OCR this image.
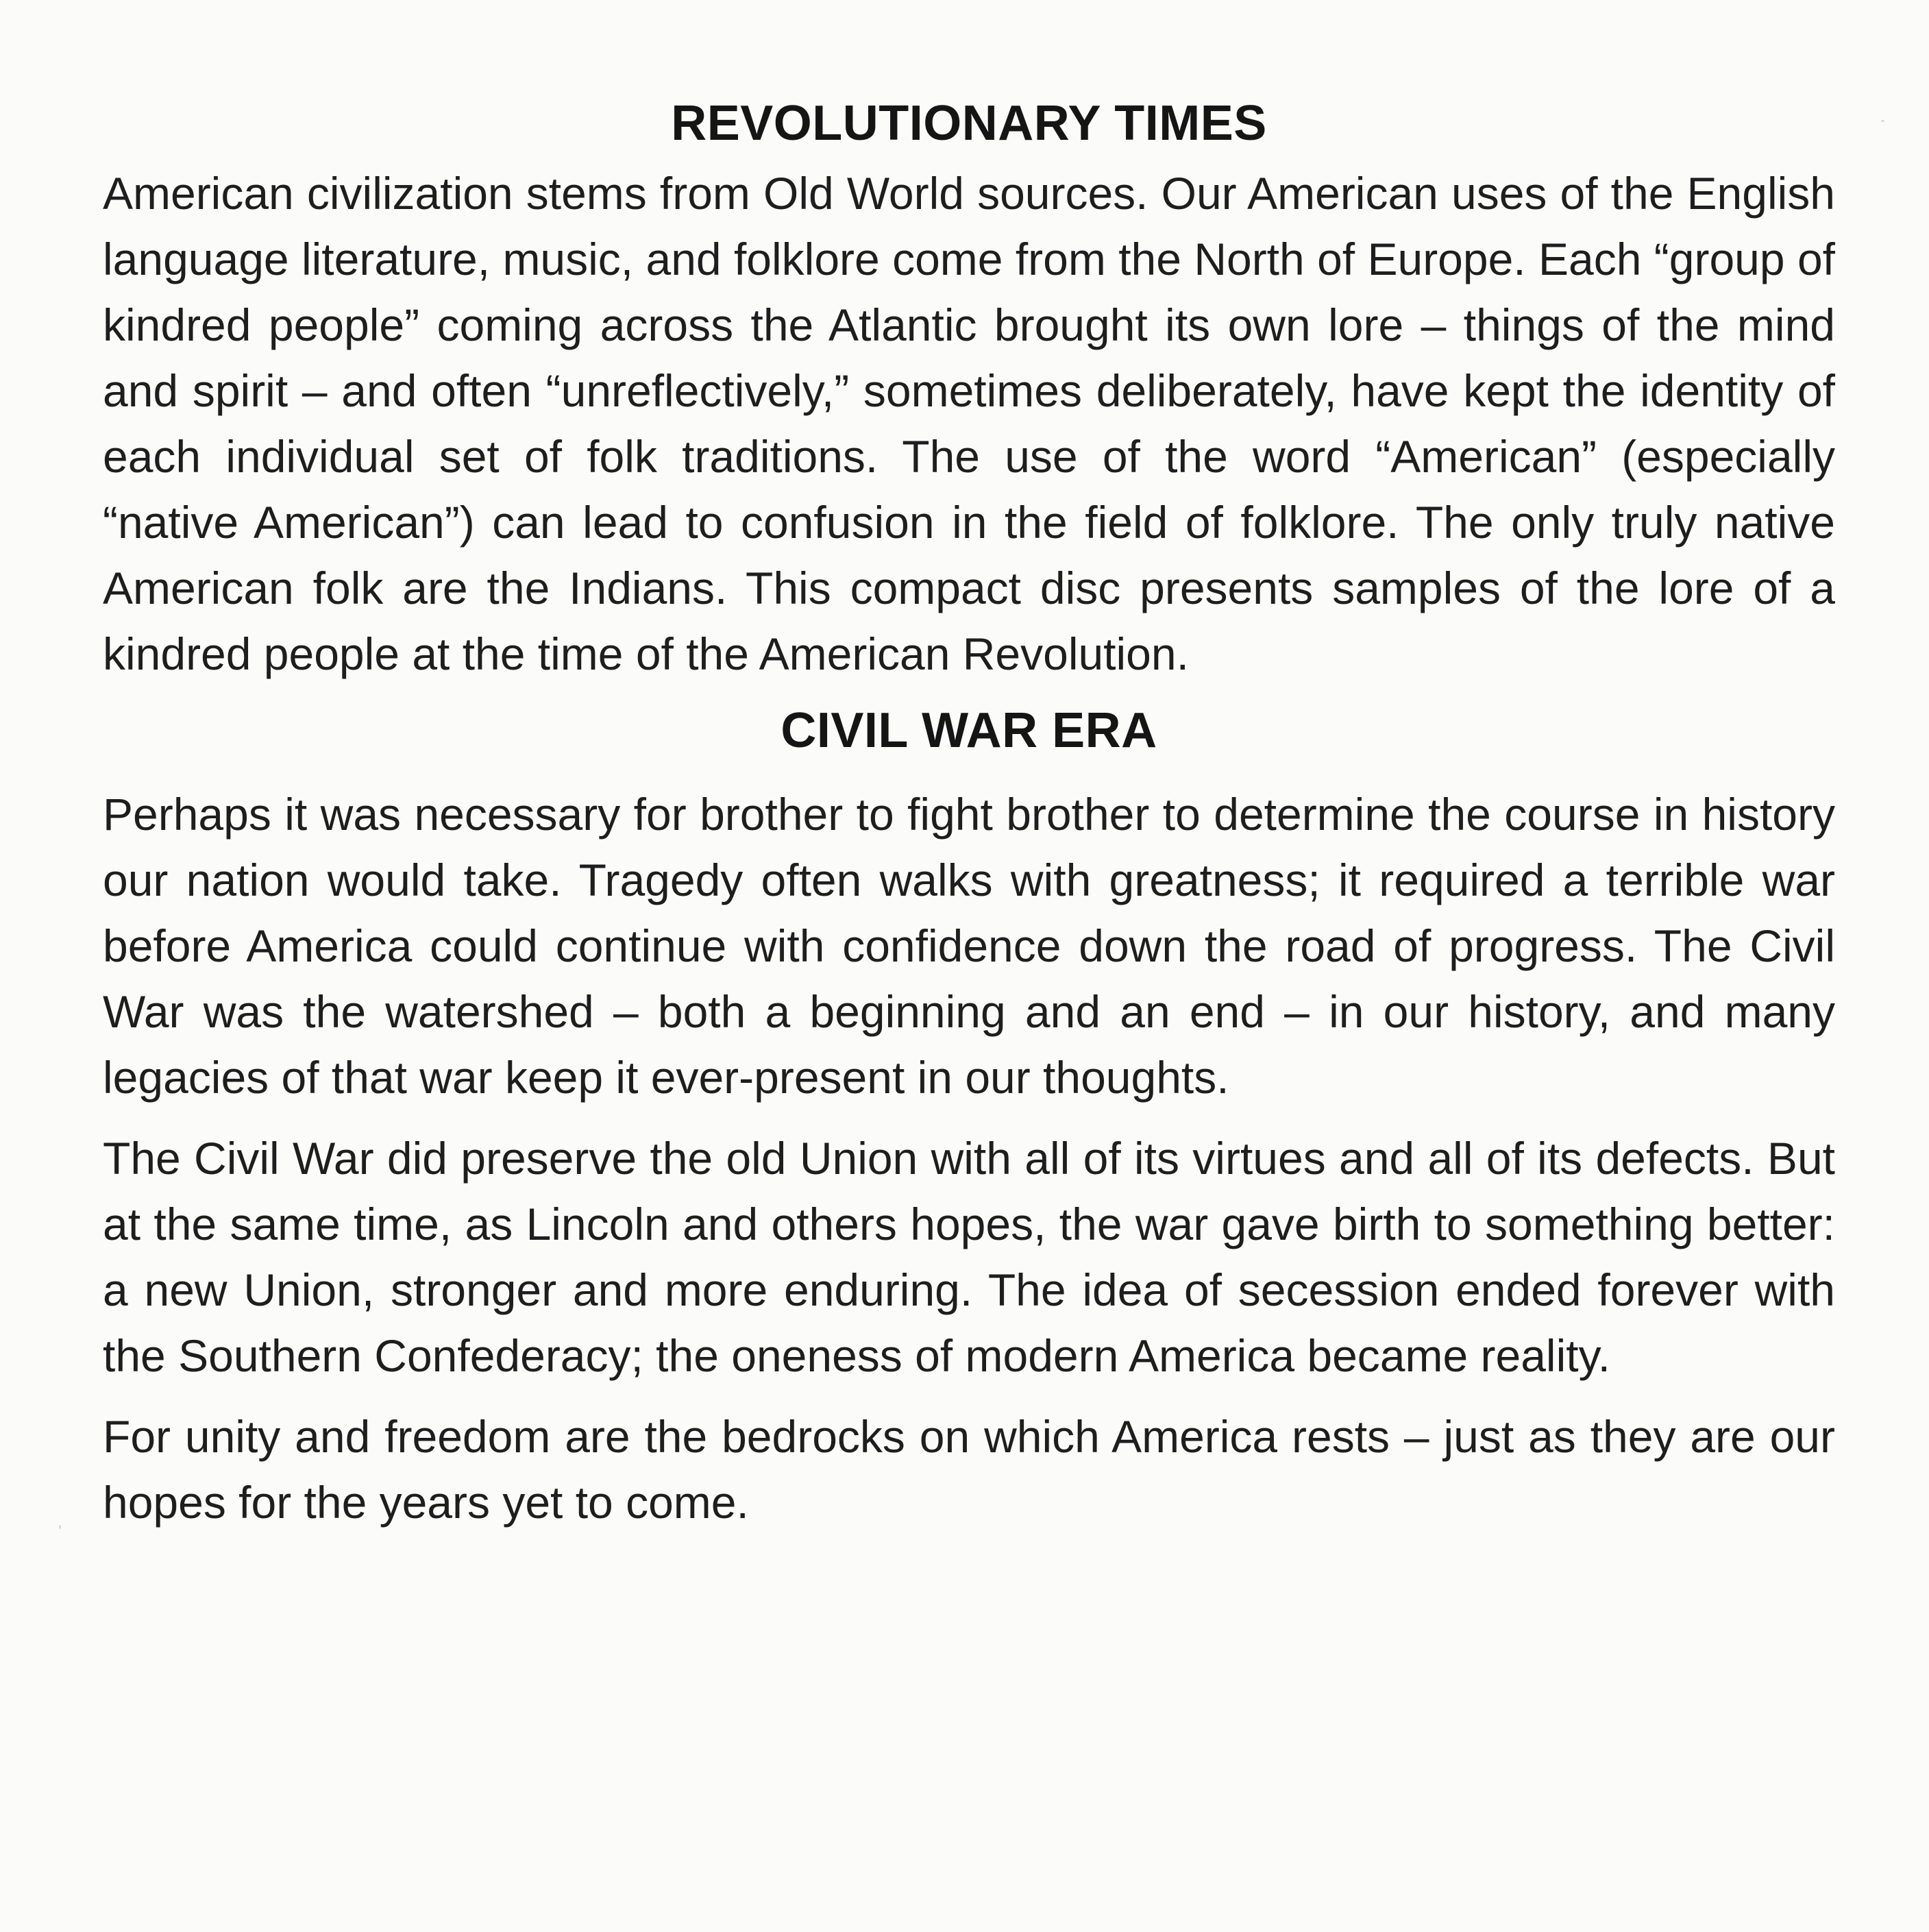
REVOLUTIONARY TIMES

American civilization stems from Old World sources. Our American uses of the English language literature, music, and folklore come from the North of Europe. Each “group of kindred people” coming across the Atlantic brought its own lore – things of the mind and spirit – and often “unreflectively,” sometimes deliberately, have kept the identity of each individual set of folk traditions. The use of the word “American” (especially “native American”) can lead to confusion in the field of folklore. The only truly native American folk are the Indians. This compact disc presents samples of the lore of a kindred people at the time of the American Revolution.

CIVIL WAR ERA

Perhaps it was necessary for brother to fight brother to determine the course in history our nation would take. Tragedy often walks with greatness; it required a terrible war before America could continue with confidence down the road of progress. The Civil War was the watershed – both a beginning and an end – in our history, and many legacies of that war keep it ever-present in our thoughts.

The Civil War did preserve the old Union with all of its virtues and all of its defects. But at the same time, as Lincoln and others hopes, the war gave birth to something better: a new Union, stronger and more enduring. The idea of secession ended forever with the Southern Confederacy; the oneness of modern America became reality.

For unity and freedom are the bedrocks on which America rests – just as they are our hopes for the years yet to come.
